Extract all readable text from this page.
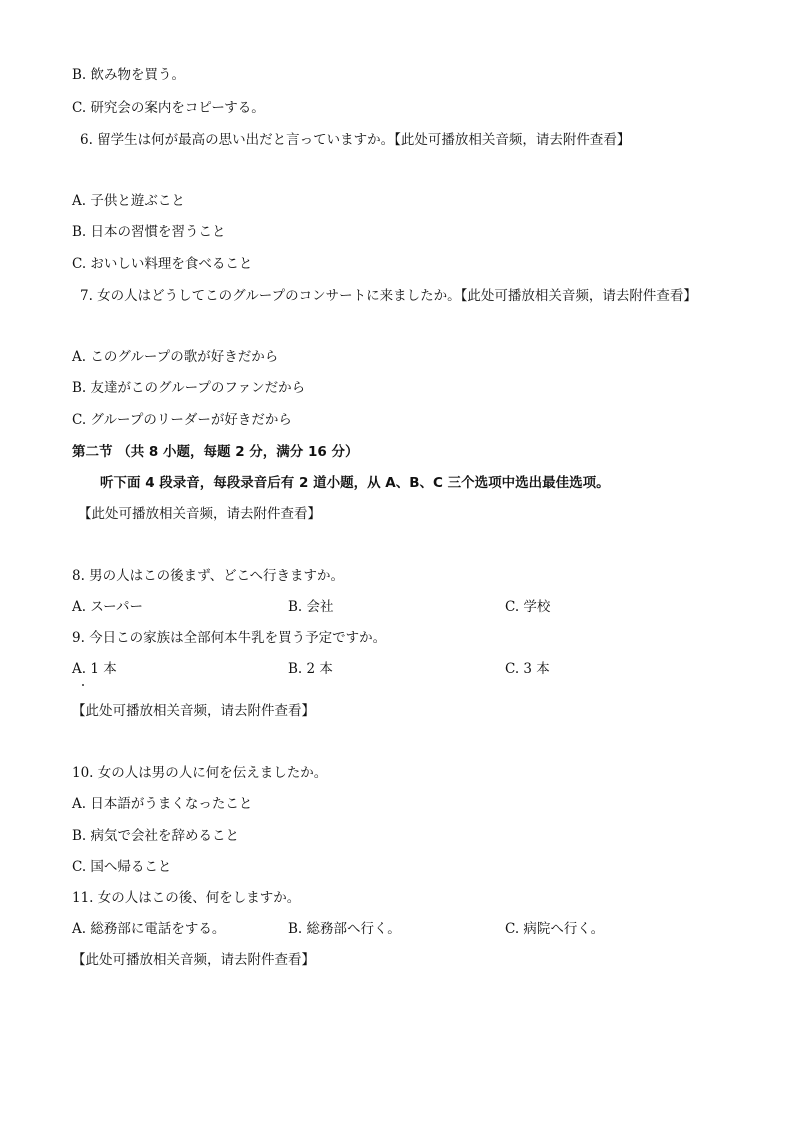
B. 飲み物を買う。
C. 研究会の案内をコピーする。
6. 留学生は何が最高の思い出だと言っていますか。【此处可播放相关音频，请去附件查看】
A. 子供と遊ぶこと
B. 日本の習慣を習うこと
C. おいしい料理を食べること
7. 女の人はどうしてこのグループのコンサートに来ましたか。【此处可播放相关音频，请去附件查看】
A. このグループの歌が好きだから
B. 友達がこのグループのファンだから
C. グループのリーダーが好きだから
第二节 （共 8 小题，每题 2 分，满分 16 分）
听下面 4 段录音，每段录音后有 2 道小题，从 A、B、C 三个选项中选出最佳选项。
【此处可播放相关音频，请去附件查看】
8. 男の人はこの後まず、どこへ行きますか。
A. スーパー	B. 会社	C. 学校
9. 今日この家族は全部何本牛乳を買う予定ですか。
A. 1 本	B. 2 本	C. 3 本
【此处可播放相关音频，请去附件查看】
10. 女の人は男の人に何を伝えましたか。
A. 日本語がうまくなったこと
B. 病気で会社を辞めること
C. 国へ帰ること
11. 女の人はこの後、何をしますか。
A. 総務部に電話をする。	B. 総務部へ行く。	C. 病院へ行く。
【此处可播放相关音频，请去附件查看】
